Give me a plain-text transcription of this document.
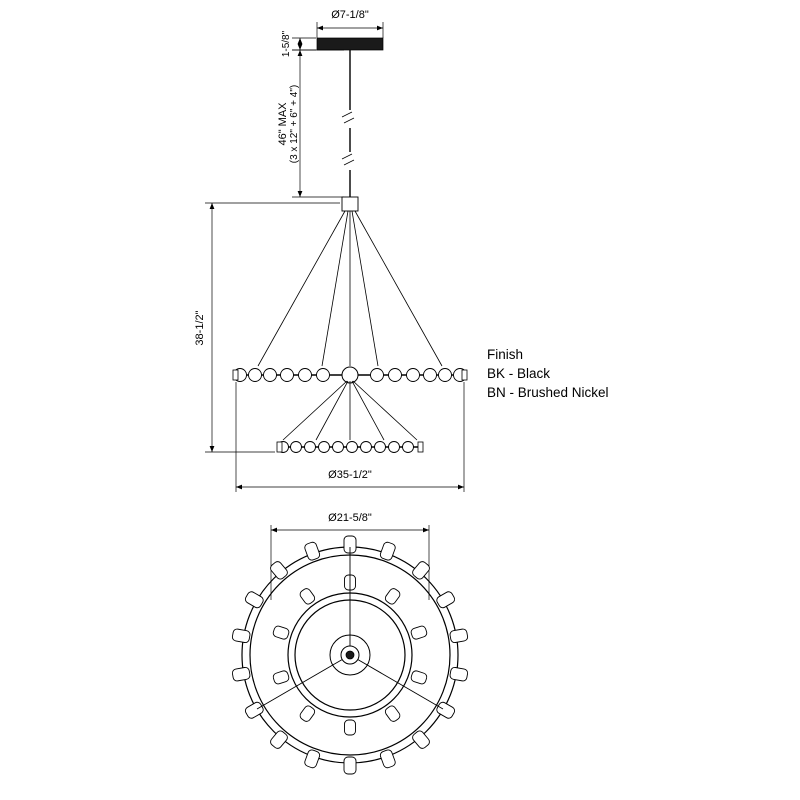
Ø7-1/8"
1-5/8"
46" MAX (3 x 12" + 6" + 4")
38-1/2"
Ø35-1/2"
Ø21-5/8"
Finish
BK - Black
BN - Brushed Nickel
